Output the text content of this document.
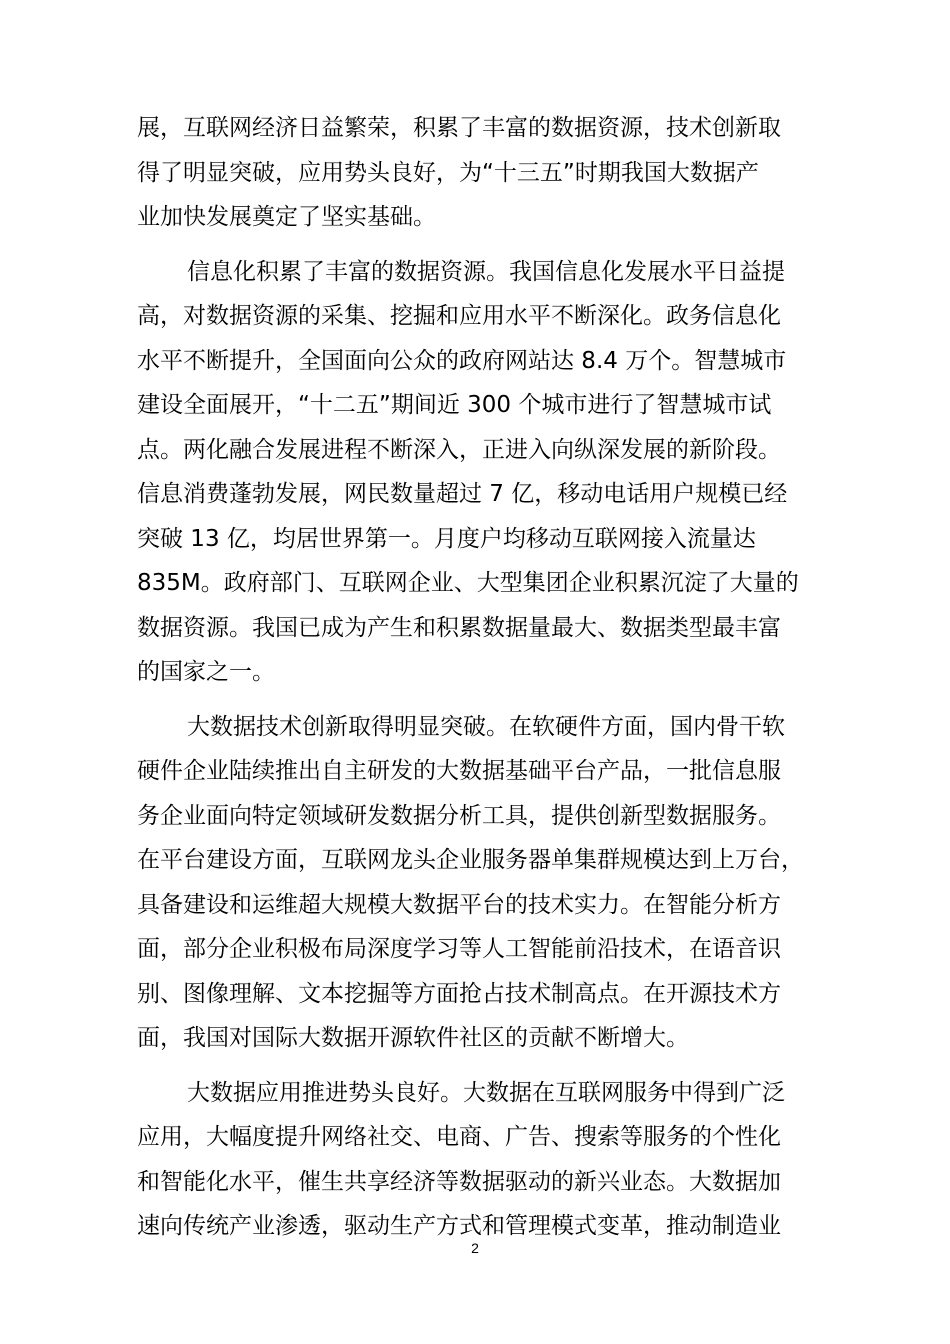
展，互联网经济日益繁荣，积累了丰富的数据资源，技术创新取
得了明显突破，应用势头良好，为“十三五”时期我国大数据产
业加快发展奠定了坚实基础。
信息化积累了丰富的数据资源。我国信息化发展水平日益提
高，对数据资源的采集、挖掘和应用水平不断深化。政务信息化
水平不断提升，全国面向公众的政府网站达 8.4 万个。智慧城市
建设全面展开，“十二五”期间近 300 个城市进行了智慧城市试
点。两化融合发展进程不断深入，正进入向纵深发展的新阶段。
信息消费蓬勃发展，网民数量超过 7 亿，移动电话用户规模已经
突破 13 亿，均居世界第一。月度户均移动互联网接入流量达
835M。政府部门、互联网企业、大型集团企业积累沉淀了大量的
数据资源。我国已成为产生和积累数据量最大、数据类型最丰富
的国家之一。
大数据技术创新取得明显突破。在软硬件方面，国内骨干软
硬件企业陆续推出自主研发的大数据基础平台产品，一批信息服
务企业面向特定领域研发数据分析工具，提供创新型数据服务。
在平台建设方面，互联网龙头企业服务器单集群规模达到上万台，
具备建设和运维超大规模大数据平台的技术实力。在智能分析方
面，部分企业积极布局深度学习等人工智能前沿技术，在语音识
别、图像理解、文本挖掘等方面抢占技术制高点。在开源技术方
面，我国对国际大数据开源软件社区的贡献不断增大。
大数据应用推进势头良好。大数据在互联网服务中得到广泛
应用，大幅度提升网络社交、电商、广告、搜索等服务的个性化
和智能化水平，催生共享经济等数据驱动的新兴业态。大数据加
速向传统产业渗透，驱动生产方式和管理模式变革，推动制造业
2
